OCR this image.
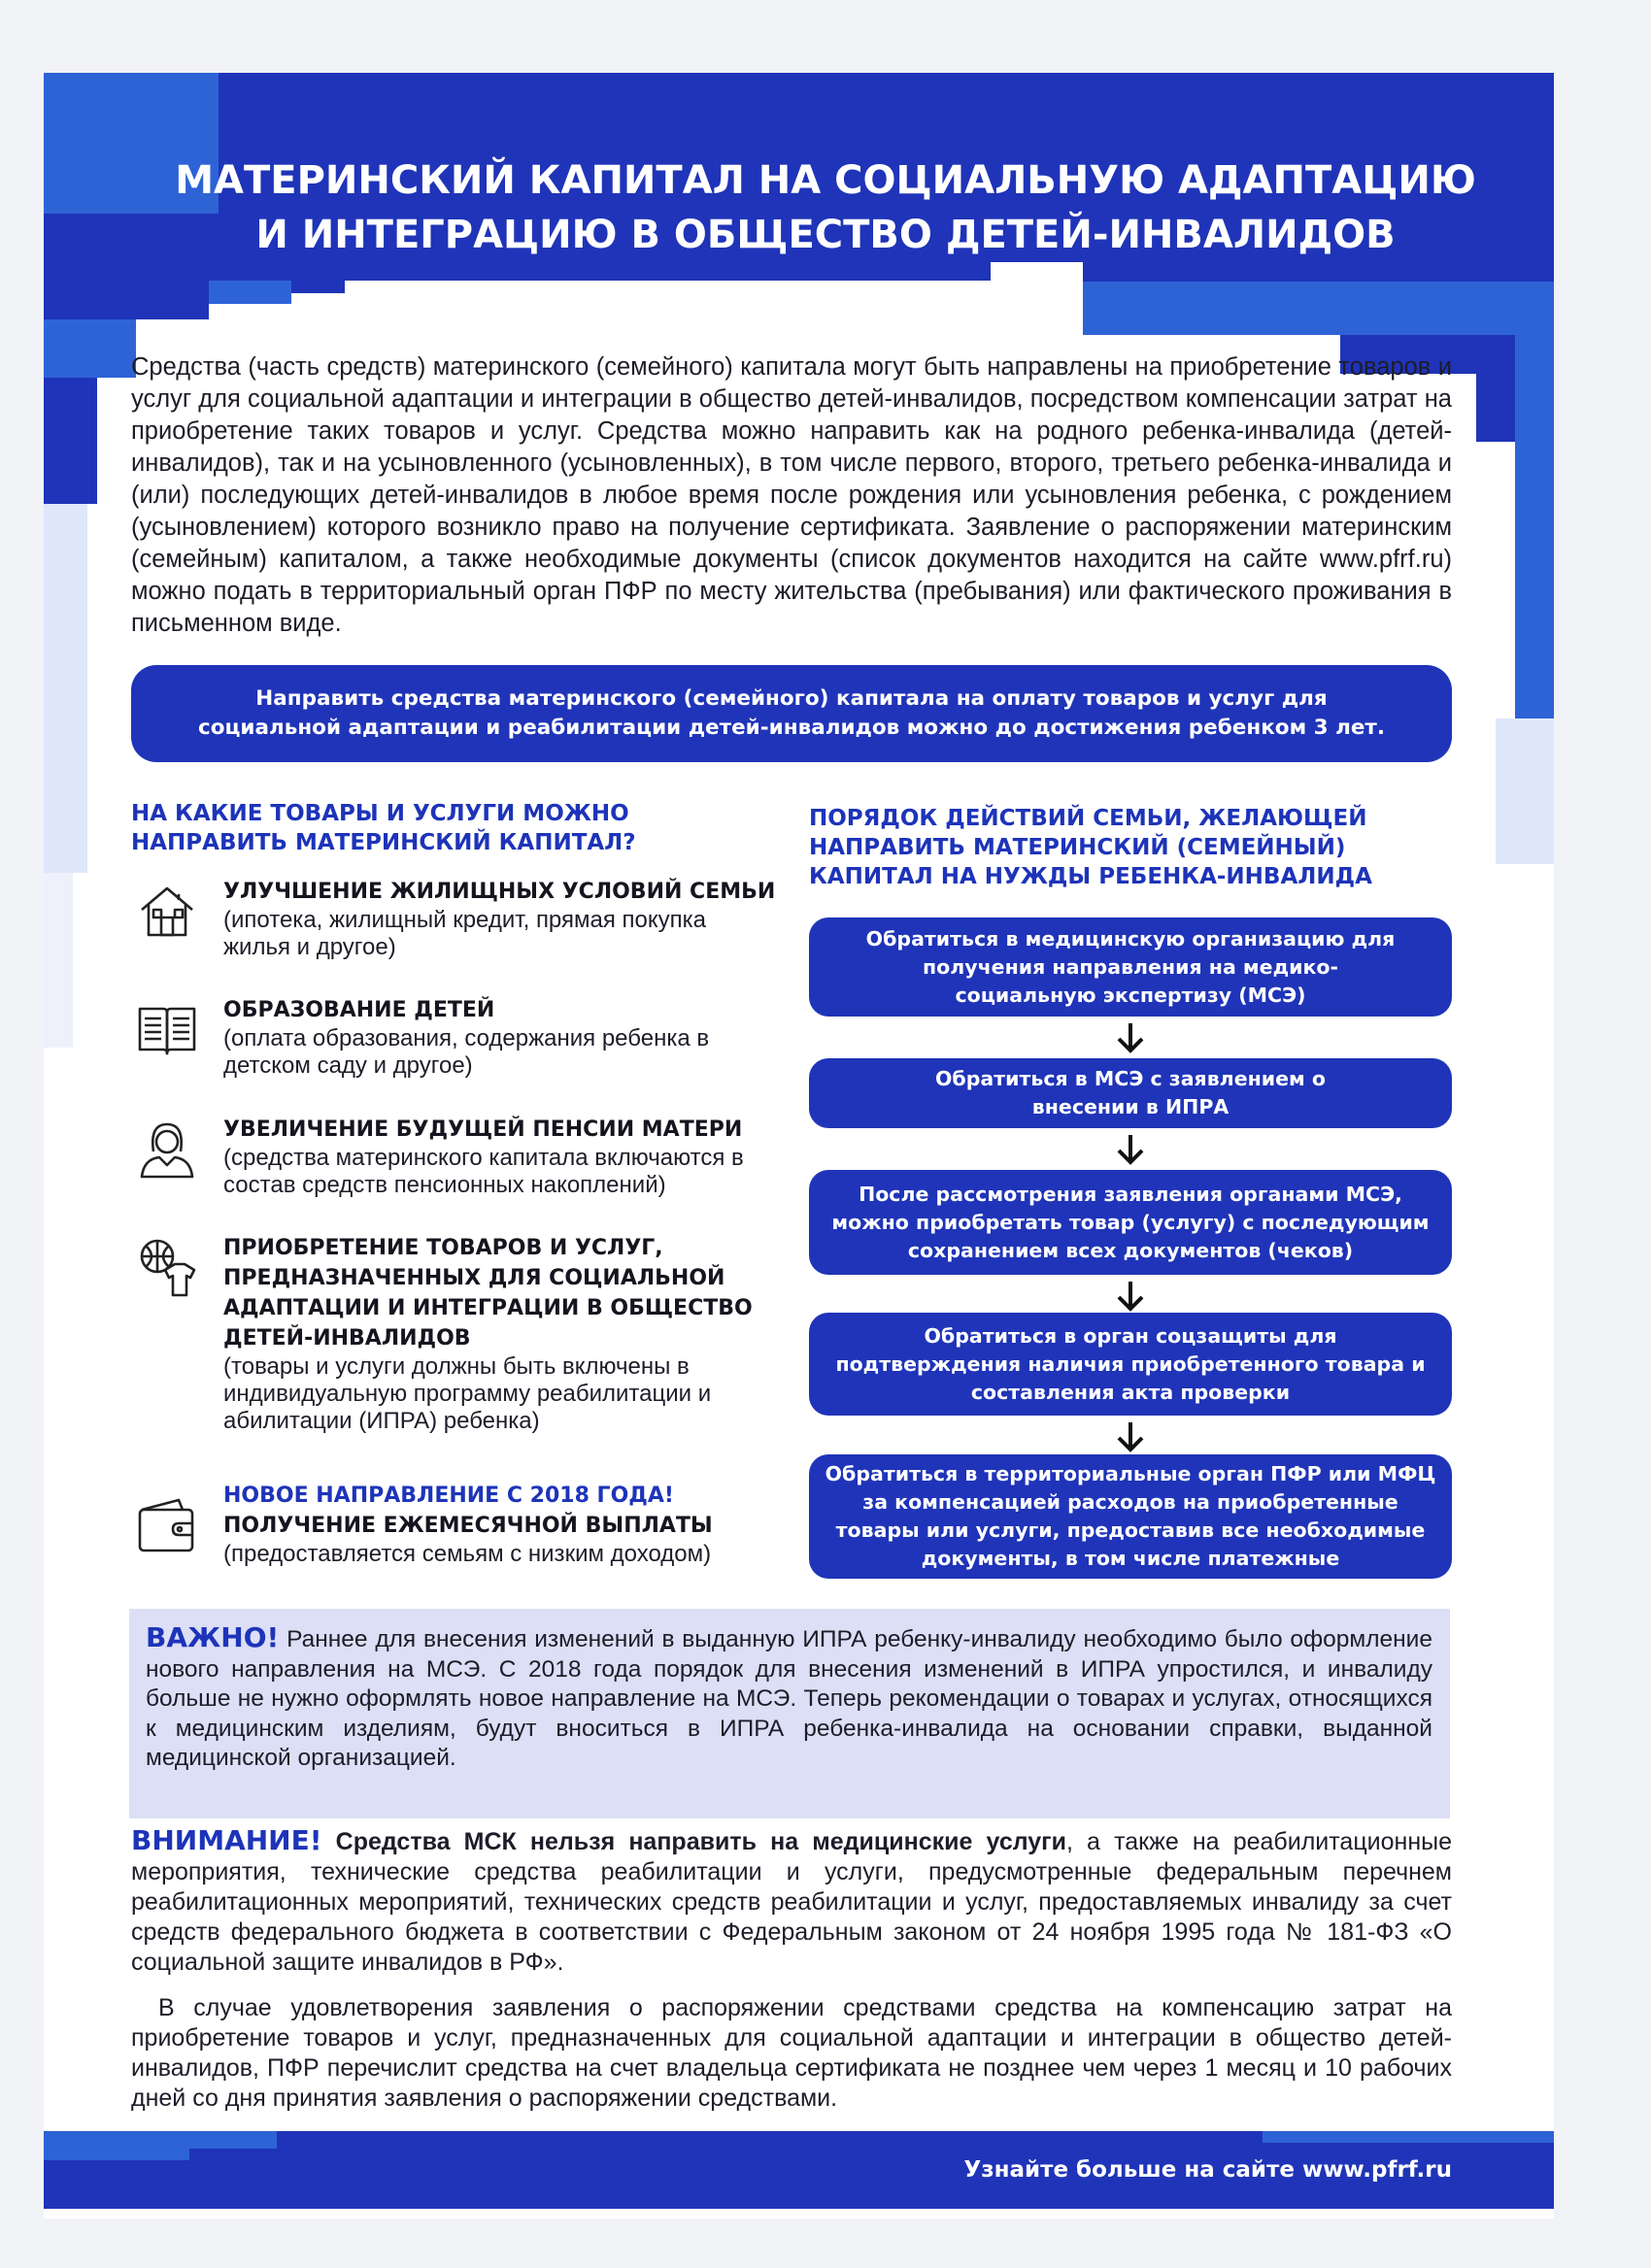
МАТЕРИНСКИЙ КАПИТАЛ НА СОЦИАЛЬНУЮ АДАПТАЦИЮ
И ИНТЕГРАЦИЮ В ОБЩЕСТВО ДЕТЕЙ-ИНВАЛИДОВ
Средства (часть средств) материнского (семейного) капитала могут быть направлены на приобретение товаров и услуг для социальной адаптации и интеграции в общество детей-инвалидов, посредством компенсации затрат на приобретение таких товаров и услуг. Средства можно направить как на родного ребенка-инвалида (детей-инвалидов), так и на усыновленного (усыновленных), в том числе первого, второго, третьего ребенка-инвалида и (или) последующих детей-инвалидов в любое время после рождения или усыновления ребенка, с рождением (усыновлением) которого возникло право на получение сертификата. Заявление о распоряжении материнским (семейным) капиталом, а также необходимые документы (список документов находится на сайте www.pfrf.ru) можно подать в территориальный орган ПФР по месту жительства (пребывания) или фактического проживания в письменном виде.
Направить средства материнского (семейного) капитала на оплату товаров и услуг для
социальной адаптации и реабилитации детей-инвалидов можно до достижения ребенком 3 лет.
НА КАКИЕ ТОВАРЫ И УСЛУГИ МОЖНО
НАПРАВИТЬ МАТЕРИНСКИЙ КАПИТАЛ?
УЛУЧШЕНИЕ ЖИЛИЩНЫХ УСЛОВИЙ СЕМЬИ
(ипотека, жилищный кредит, прямая покупка жилья и другое)
ОБРАЗОВАНИЕ ДЕТЕЙ
(оплата образования, содержания ребенка в детском саду и другое)
УВЕЛИЧЕНИЕ БУДУЩЕЙ ПЕНСИИ МАТЕРИ
(средства материнского капитала включаются в состав средств пенсионных накоплений)
ПРИОБРЕТЕНИЕ ТОВАРОВ И УСЛУГ, ПРЕДНАЗНАЧЕННЫХ ДЛЯ СОЦИАЛЬНОЙ АДАПТАЦИИ И ИНТЕГРАЦИИ В ОБЩЕСТВО ДЕТЕЙ-ИНВАЛИДОВ
(товары и услуги должны быть включены в индивидуальную программу реабилитации и абилитации (ИПРА) ребенка)
НОВОЕ НАПРАВЛЕНИЕ С 2018 ГОДА!
ПОЛУЧЕНИЕ ЕЖЕМЕСЯЧНОЙ ВЫПЛАТЫ
(предоставляется семьям с низким доходом)
ПОРЯДОК ДЕЙСТВИЙ СЕМЬИ, ЖЕЛАЮЩЕЙ
НАПРАВИТЬ МАТЕРИНСКИЙ (СЕМЕЙНЫЙ)
КАПИТАЛ НА НУЖДЫ РЕБЕНКА-ИНВАЛИДА
Обратиться в медицинскую организацию для получения направления на медико-социальную экспертизу (МСЭ)
Обратиться в МСЭ с заявлением о внесении в ИПРА
После рассмотрения заявления органами МСЭ, можно приобретать товар (услугу) с последующим сохранением всех документов (чеков)
Обратиться в орган соцзащиты для подтверждения наличия приобретенного товара и составления акта проверки
Обратиться в территориальные орган ПФР или МФЦ за компенсацией расходов на приобретенные товары или услуги, предоставив все необходимые документы, в том числе платежные
ВАЖНО! Раннее для внесения изменений в выданную ИПРА ребенку-инвалиду необходимо было оформление нового направления на МСЭ. С 2018 года порядок для внесения изменений в ИПРА упростился, и инвалиду больше не нужно оформлять новое направление на МСЭ. Теперь рекомендации о товарах и услугах, относящихся к медицинским изделиям, будут вноситься в ИПРА ребенка-инвалида на основании справки, выданной медицинской организацией.
ВНИМАНИЕ! Средства МСК нельзя направить на медицинские услуги, а также на реабилитационные мероприятия, технические средства реабилитации и услуги, предусмотренные федеральным перечнем реабилитационных мероприятий, технических средств реабилитации и услуг, предоставляемых инвалиду за счет средств федерального бюджета в соответствии с Федеральным законом от 24 ноября 1995 года № 181-ФЗ «О социальной защите инвалидов в РФ».
В случае удовлетворения заявления о распоряжении средствами средства на компенсацию затрат на приобретение товаров и услуг, предназначенных для социальной адаптации и интеграции в общество детей-инвалидов, ПФР перечислит средства на счет владельца сертификата не позднее чем через 1 месяц и 10 рабочих дней со дня принятия заявления о распоряжении средствами.
Узнайте больше на сайте www.pfrf.ru
